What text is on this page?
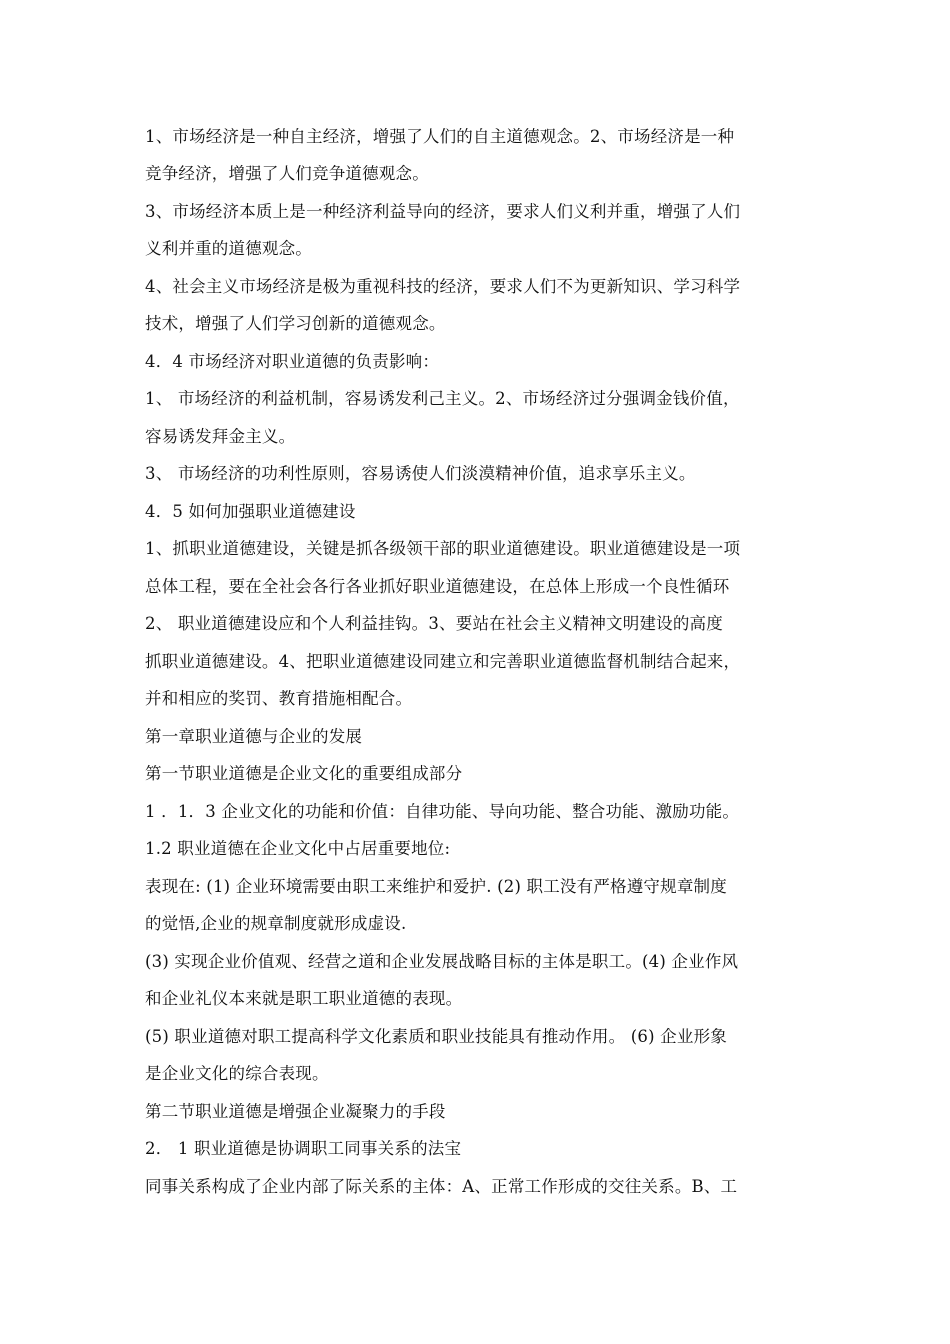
1、市场经济是一种自主经济，增强了人们的自主道德观念。2、市场经济是一种
竞争经济，增强了人们竞争道德观念。
3、市场经济本质上是一种经济利益导向的经济，要求人们义利并重，增强了人们
义利并重的道德观念。
4、社会主义市场经济是极为重视科技的经济，要求人们不为更新知识、学习科学
技术，增强了人们学习创新的道德观念。
4．4 市场经济对职业道德的负责影响：
1、 市场经济的利益机制，容易诱发利己主义。2、市场经济过分强调金钱价值，
容易诱发拜金主义。
3、 市场经济的功利性原则，容易诱使人们淡漠精神价值，追求享乐主义。
4．5 如何加强职业道德建设
1、抓职业道德建设，关键是抓各级领干部的职业道德建设。职业道德建设是一项
总体工程，要在全社会各行各业抓好职业道德建设，在总体上形成一个良性循环
2、 职业道德建设应和个人利益挂钩。3、要站在社会主义精神文明建设的高度
抓职业道德建设。4、把职业道德建设同建立和完善职业道德监督机制结合起来，
并和相应的奖罚、教育措施相配合。
第一章职业道德与企业的发展
第一节职业道德是企业文化的重要组成部分
1 ．1．3 企业文化的功能和价值：自律功能、导向功能、整合功能、激励功能。
1.2 职业道德在企业文化中占居重要地位:
表现在: (1) 企业环境需要由职工来维护和爱护. (2) 职工没有严格遵守规章制度
的觉悟,企业的规章制度就形成虚设.
(3) 实现企业价值观、经营之道和企业发展战略目标的主体是职工。(4) 企业作风
和企业礼仪本来就是职工职业道德的表现。
(5) 职业道德对职工提高科学文化素质和职业技能具有推动作用。 (6) 企业形象
是企业文化的综合表现。
第二节职业道德是增强企业凝聚力的手段
2． 1 职业道德是协调职工同事关系的法宝
同事关系构成了企业内部了际关系的主体：A、正常工作形成的交往关系。B、工
